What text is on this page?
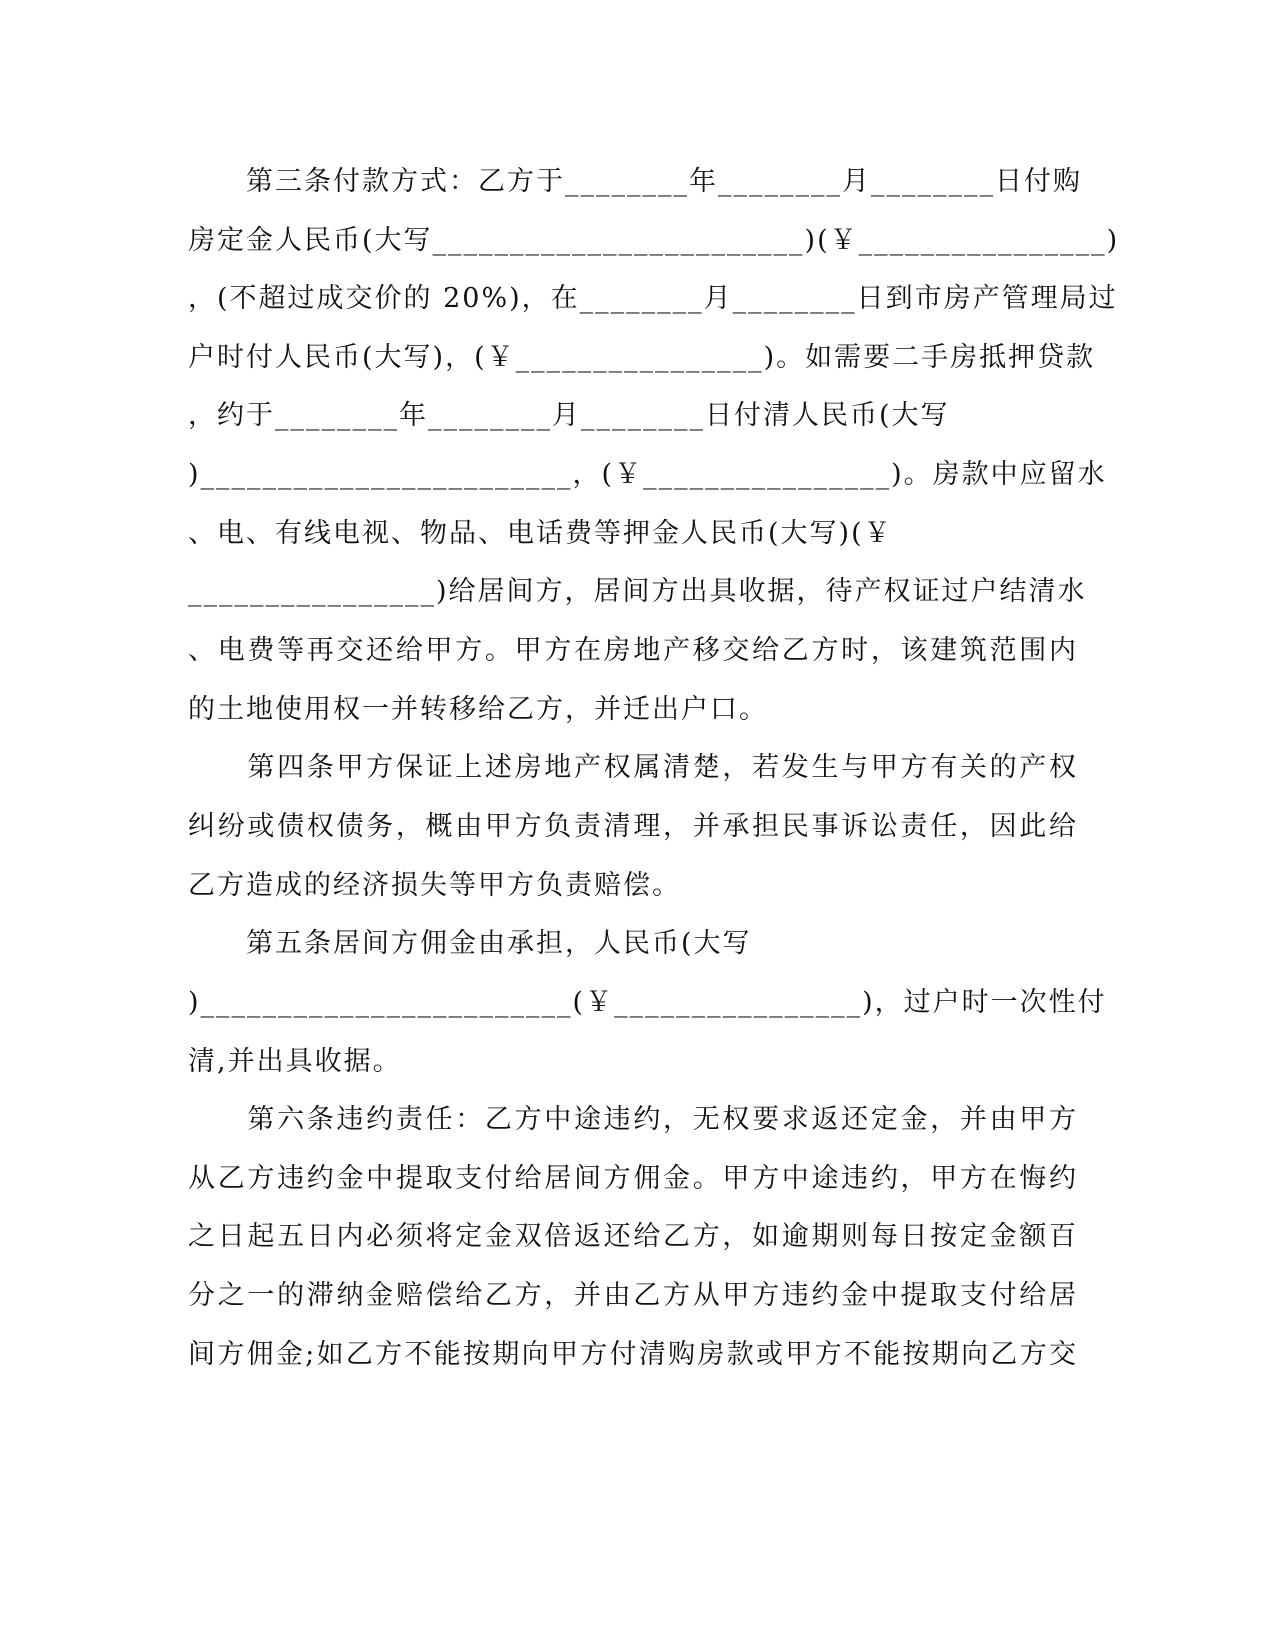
　　第三条付款方式：乙方于________年________月________日付购
房定金人民币(大写________________________)(￥________________)
，(不超过成交价的 20%)，在________月________日到市房产管理局过
户时付人民币(大写)，(￥________________)。如需要二手房抵押贷款
，约于________年________月________日付清人民币(大写
)________________________，(￥________________)。房款中应留水
、电、有线电视、物品、电话费等押金人民币(大写)(￥
________________)给居间方，居间方出具收据，待产权证过户结清水
、电费等再交还给甲方。甲方在房地产移交给乙方时，该建筑范围内
的土地使用权一并转移给乙方，并迁出户口。
　　第四条甲方保证上述房地产权属清楚，若发生与甲方有关的产权
纠纷或债权债务，概由甲方负责清理，并承担民事诉讼责任，因此给
乙方造成的经济损失等甲方负责赔偿。
　　第五条居间方佣金由承担，人民币(大写
)________________________(￥________________)，过户时一次性付
清,并出具收据。
　　第六条违约责任：乙方中途违约，无权要求返还定金，并由甲方
从乙方违约金中提取支付给居间方佣金。甲方中途违约，甲方在悔约
之日起五日内必须将定金双倍返还给乙方，如逾期则每日按定金额百
分之一的滞纳金赔偿给乙方，并由乙方从甲方违约金中提取支付给居
间方佣金;如乙方不能按期向甲方付清购房款或甲方不能按期向乙方交
